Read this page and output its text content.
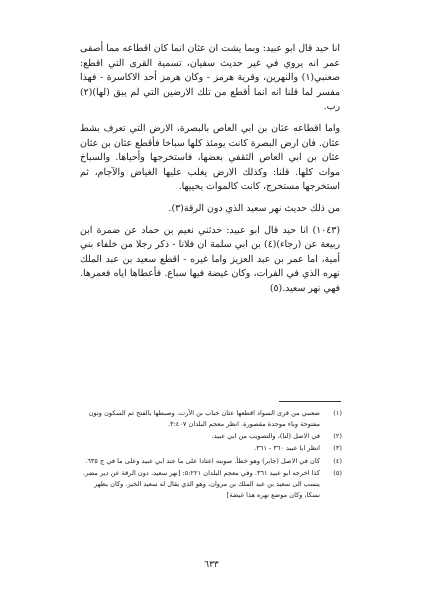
انا حيد قال ابو عبيد: وبما يشت ان عثان انما كان اقطاعه مما أصفى عمر انه يروي في غير حديث سفيان، تسمية القرى التي اقطع: صعنبي(١) والنهرين، وقرية هرمز - وكان هرمز أحد الاكاسرة - فهذا مفسر لما قلنا انه انما أقطع من تلك الارضين التي لم يبق (لها)(٢) رب.

واما اقطاعه عثان بن ابي العاص بالبصرة، الارض التي تعرف بشط عثان. فان ارض البصرة كانت يومئذ كلها سباخا فأقطع عثان بن عثان عثان بن ابي العاص الثقفي بعضها، فاستخرجها وأحياها. والسباخ موات كلها. قلنا: وكذلك الارض يغلب عليها الغياض والآجام، ثم استخرجها مستخرج، كانت كالموات يحييها.

من ذلك حديث نهر سعيد الذي دون الرقة(٣).

(١٠٤٣) انا حيد قال ابو عبيد: حدثني نعيم بن حماد عن ضمرة ابن ربيعة عن (رجاء)(٤) بن ابي سلمة ان فلانا - ذكر رجلا من خلفاء بني أمية، اما عمر بن عبد العزيز واما غيره - اقطع سعيد بن عبد الملك نهره الذي في الفرات، وكان غيضة فيها سباع. فأعطاها اياه فعمرها. فهي نهر سعيد.(٥)

(١)
صعنبي من قرى السواد اقطعها عثان خباب بن الأرت. وصبطها بالفتح ثم السكون ونون مفتوحة وباء موحدة مقصورة. انظر معجم البلدان ٣:٤٠٧.
(٢)
في الاصل (لنا)، والتصويب من ابي عبيد.
(٣)
انظر ابا عبيد ٣٦٠ - ٣٦١.
(٤)
كان في الاصل (جابر) وهو خطأ. صوبته اعتادا على ما عند ابي عبيد وعلى ما في ج ٦٣٥.
(٥)
كذا اخرجه ابو عبيد ٣٦١. وفي معجم البلدان ٥:٢٢١: [نهر سعيد، دون الرقة عن دير مضر. ينسب الى سعيد بن عبد الملك بن مروان، وهو الذي يقال له سعيد الخير. وكان يظهر نسكا، وكان موضع نهره هذا غيضة]
٦٣٣
